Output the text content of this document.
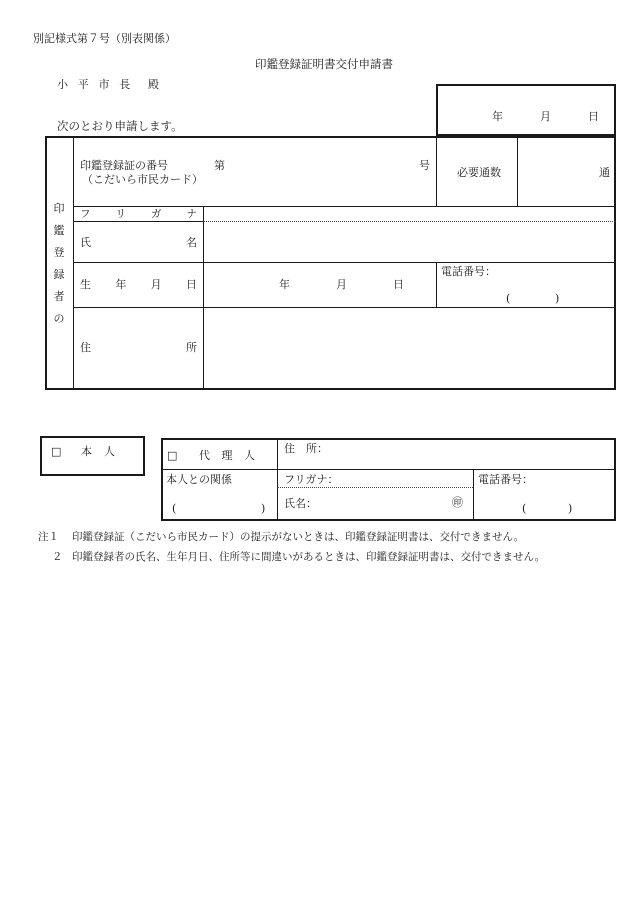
別記様式第７号（別表関係）
印鑑登録証明書交付申請書
小 平 市 長 殿
次のとおり申請します。
年	月	日
印
鑑
登
録
者
の
印鑑登録証の番号
（こだいら市民カード）
第	号
必要通数	通
フ リ ガ ナ
氏	名
生 年 月 日	年	月	日
電話番号：
(	)
住	所
□ 本 人	□ 代 理 人
住　所：
本人との関係
(	)
フリガナ：
氏名：	㊞
電話番号：
(	)
注１ 印鑑登録証（こだいら市民カード）の提示がないときは、印鑑登録証明書は、交付できません。
２ 印鑑登録者の氏名、生年月日、住所等に間違いがあるときは、印鑑登録証明書は、交付できません。
